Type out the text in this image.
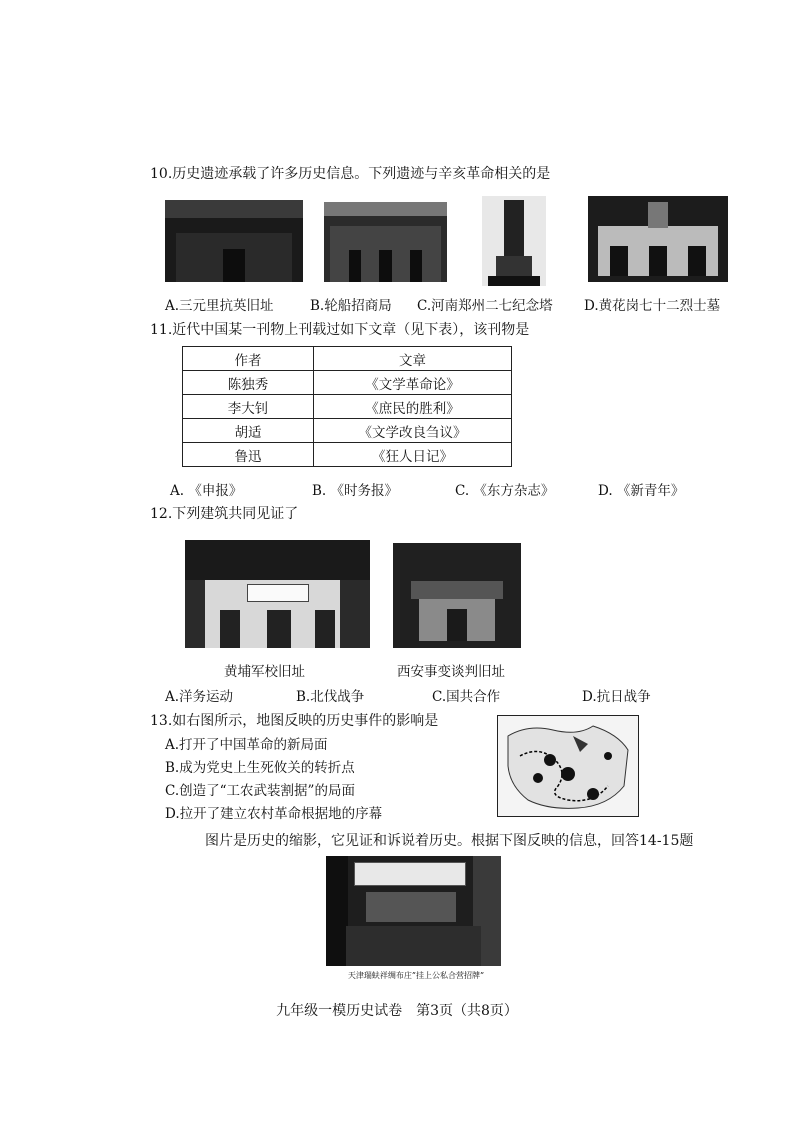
10.历史遗迹承载了许多历史信息。下列遗迹与辛亥革命相关的是
A.三元里抗英旧址	B.轮船招商局 C.河南郑州二七纪念塔 D.黄花岗七十二烈士墓
11.近代中国某一刊物上刊载过如下文章（见下表），该刊物是
作者	文章
陈独秀	《文学革命论》
李大钊	《庶民的胜利》
胡适	《文学改良刍议》
鲁迅	《狂人日记》
A. 《申报》	B. 《时务报》	C. 《东方杂志》	D. 《新青年》
12.下列建筑共同见证了
黄埔军校旧址	西安事变谈判旧址
A.洋务运动	B.北伐战争	C.国共合作	D.抗日战争
13.如右图所示，地图反映的历史事件的影响是
A.打开了中国革命的新局面
B.成为党史上生死攸关的转折点
C.创造了“工农武装割据”的局面
D.拉开了建立农村革命根据地的序幕
图片是历史的缩影，它见证和诉说着历史。根据下图反映的信息，回答14-15题
天津瑞蚨祥绸布庄”挂上公私合营招牌”
九年级一模历史试卷　第3页（共8页）
